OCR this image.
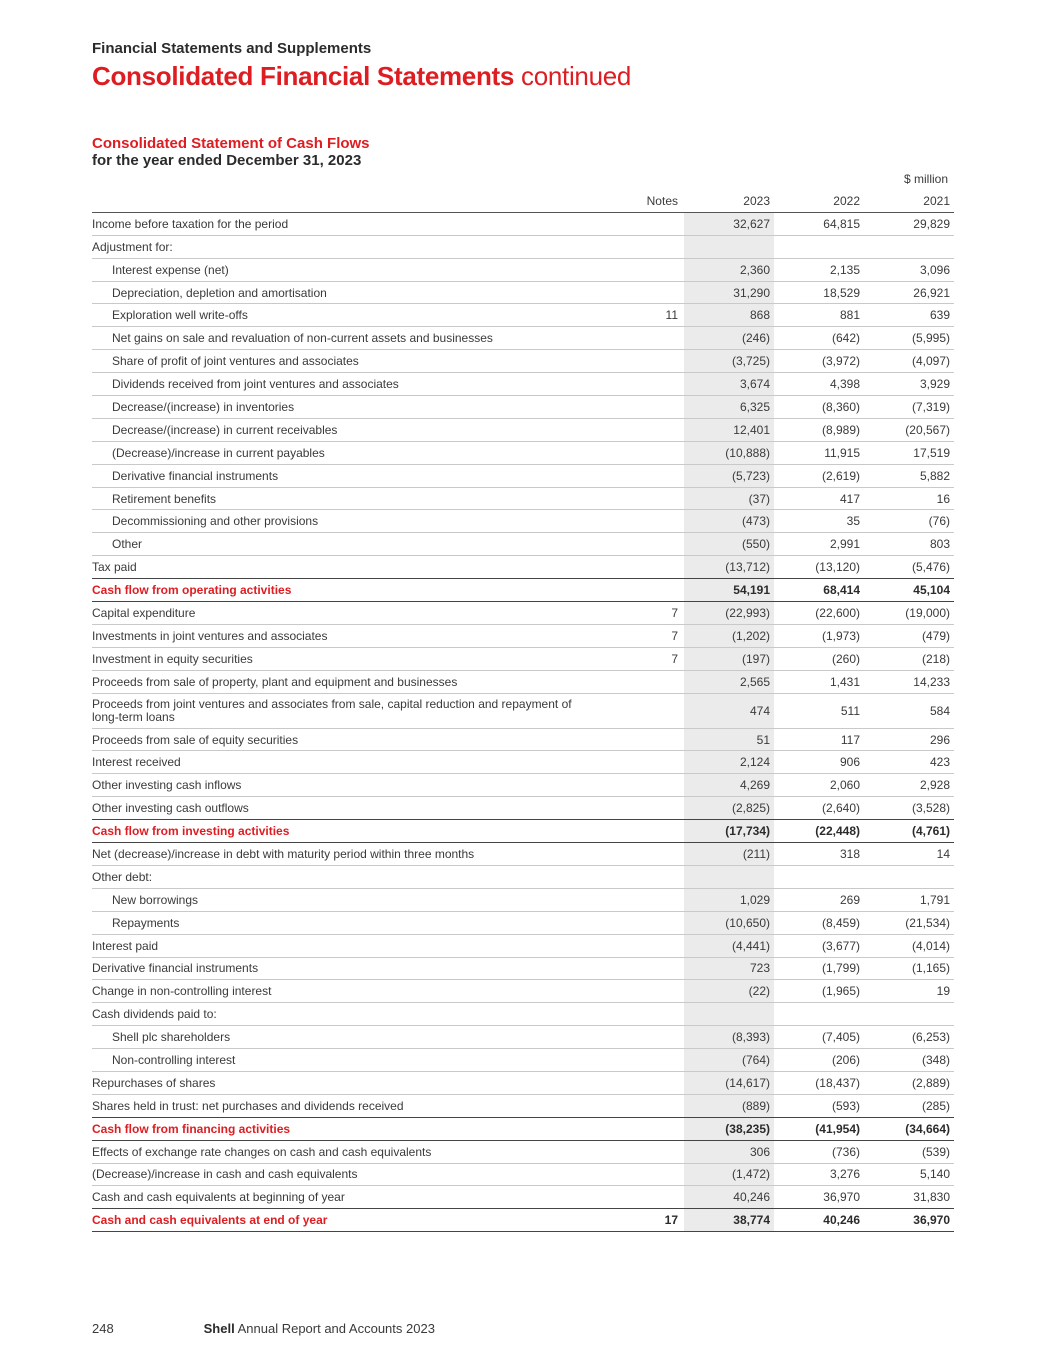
Financial Statements and Supplements

Consolidated Financial Statements continued
Consolidated Statement of Cash Flows
for the year ended December 31, 2023
$ million
	Notes	2023	2022	2021
Income before taxation for the period		32,627	64,815	29,829
Adjustment for:				
Interest expense (net)		2,360	2,135	3,096
Depreciation, depletion and amortisation		31,290	18,529	26,921
Exploration well write-offs	11	868	881	639
Net gains on sale and revaluation of non-current assets and businesses		(246)	(642)	(5,995)
Share of profit of joint ventures and associates		(3,725)	(3,972)	(4,097)
Dividends received from joint ventures and associates		3,674	4,398	3,929
Decrease/(increase) in inventories		6,325	(8,360)	(7,319)
Decrease/(increase) in current receivables		12,401	(8,989)	(20,567)
(Decrease)/increase in current payables		(10,888)	11,915	17,519
Derivative financial instruments		(5,723)	(2,619)	5,882
Retirement benefits		(37)	417	16
Decommissioning and other provisions		(473)	35	(76)
Other		(550)	2,991	803
Tax paid		(13,712)	(13,120)	(5,476)
Cash flow from operating activities		54,191	68,414	45,104
Capital expenditure	7	(22,993)	(22,600)	(19,000)
Investments in joint ventures and associates	7	(1,202)	(1,973)	(479)
Investment in equity securities	7	(197)	(260)	(218)
Proceeds from sale of property, plant and equipment and businesses		2,565	1,431	14,233
Proceeds from joint ventures and associates from sale, capital reduction and repayment of long-term loans		474	511	584
Proceeds from sale of equity securities		51	117	296
Interest received		2,124	906	423
Other investing cash inflows		4,269	2,060	2,928
Other investing cash outflows		(2,825)	(2,640)	(3,528)
Cash flow from investing activities		(17,734)	(22,448)	(4,761)
Net (decrease)/increase in debt with maturity period within three months		(211)	318	14
Other debt:				
New borrowings		1,029	269	1,791
Repayments		(10,650)	(8,459)	(21,534)
Interest paid		(4,441)	(3,677)	(4,014)
Derivative financial instruments		723	(1,799)	(1,165)
Change in non-controlling interest		(22)	(1,965)	19
Cash dividends paid to:				
Shell plc shareholders		(8,393)	(7,405)	(6,253)
Non-controlling interest		(764)	(206)	(348)
Repurchases of shares		(14,617)	(18,437)	(2,889)
Shares held in trust: net purchases and dividends received		(889)	(593)	(285)
Cash flow from financing activities		(38,235)	(41,954)	(34,664)
Effects of exchange rate changes on cash and cash equivalents		306	(736)	(539)
(Decrease)/increase in cash and cash equivalents		(1,472)	3,276	5,140
Cash and cash equivalents at beginning of year		40,246	36,970	31,830
Cash and cash equivalents at end of year	17	38,774	40,246	36,970
248	Shell Annual Report and Accounts 2023
